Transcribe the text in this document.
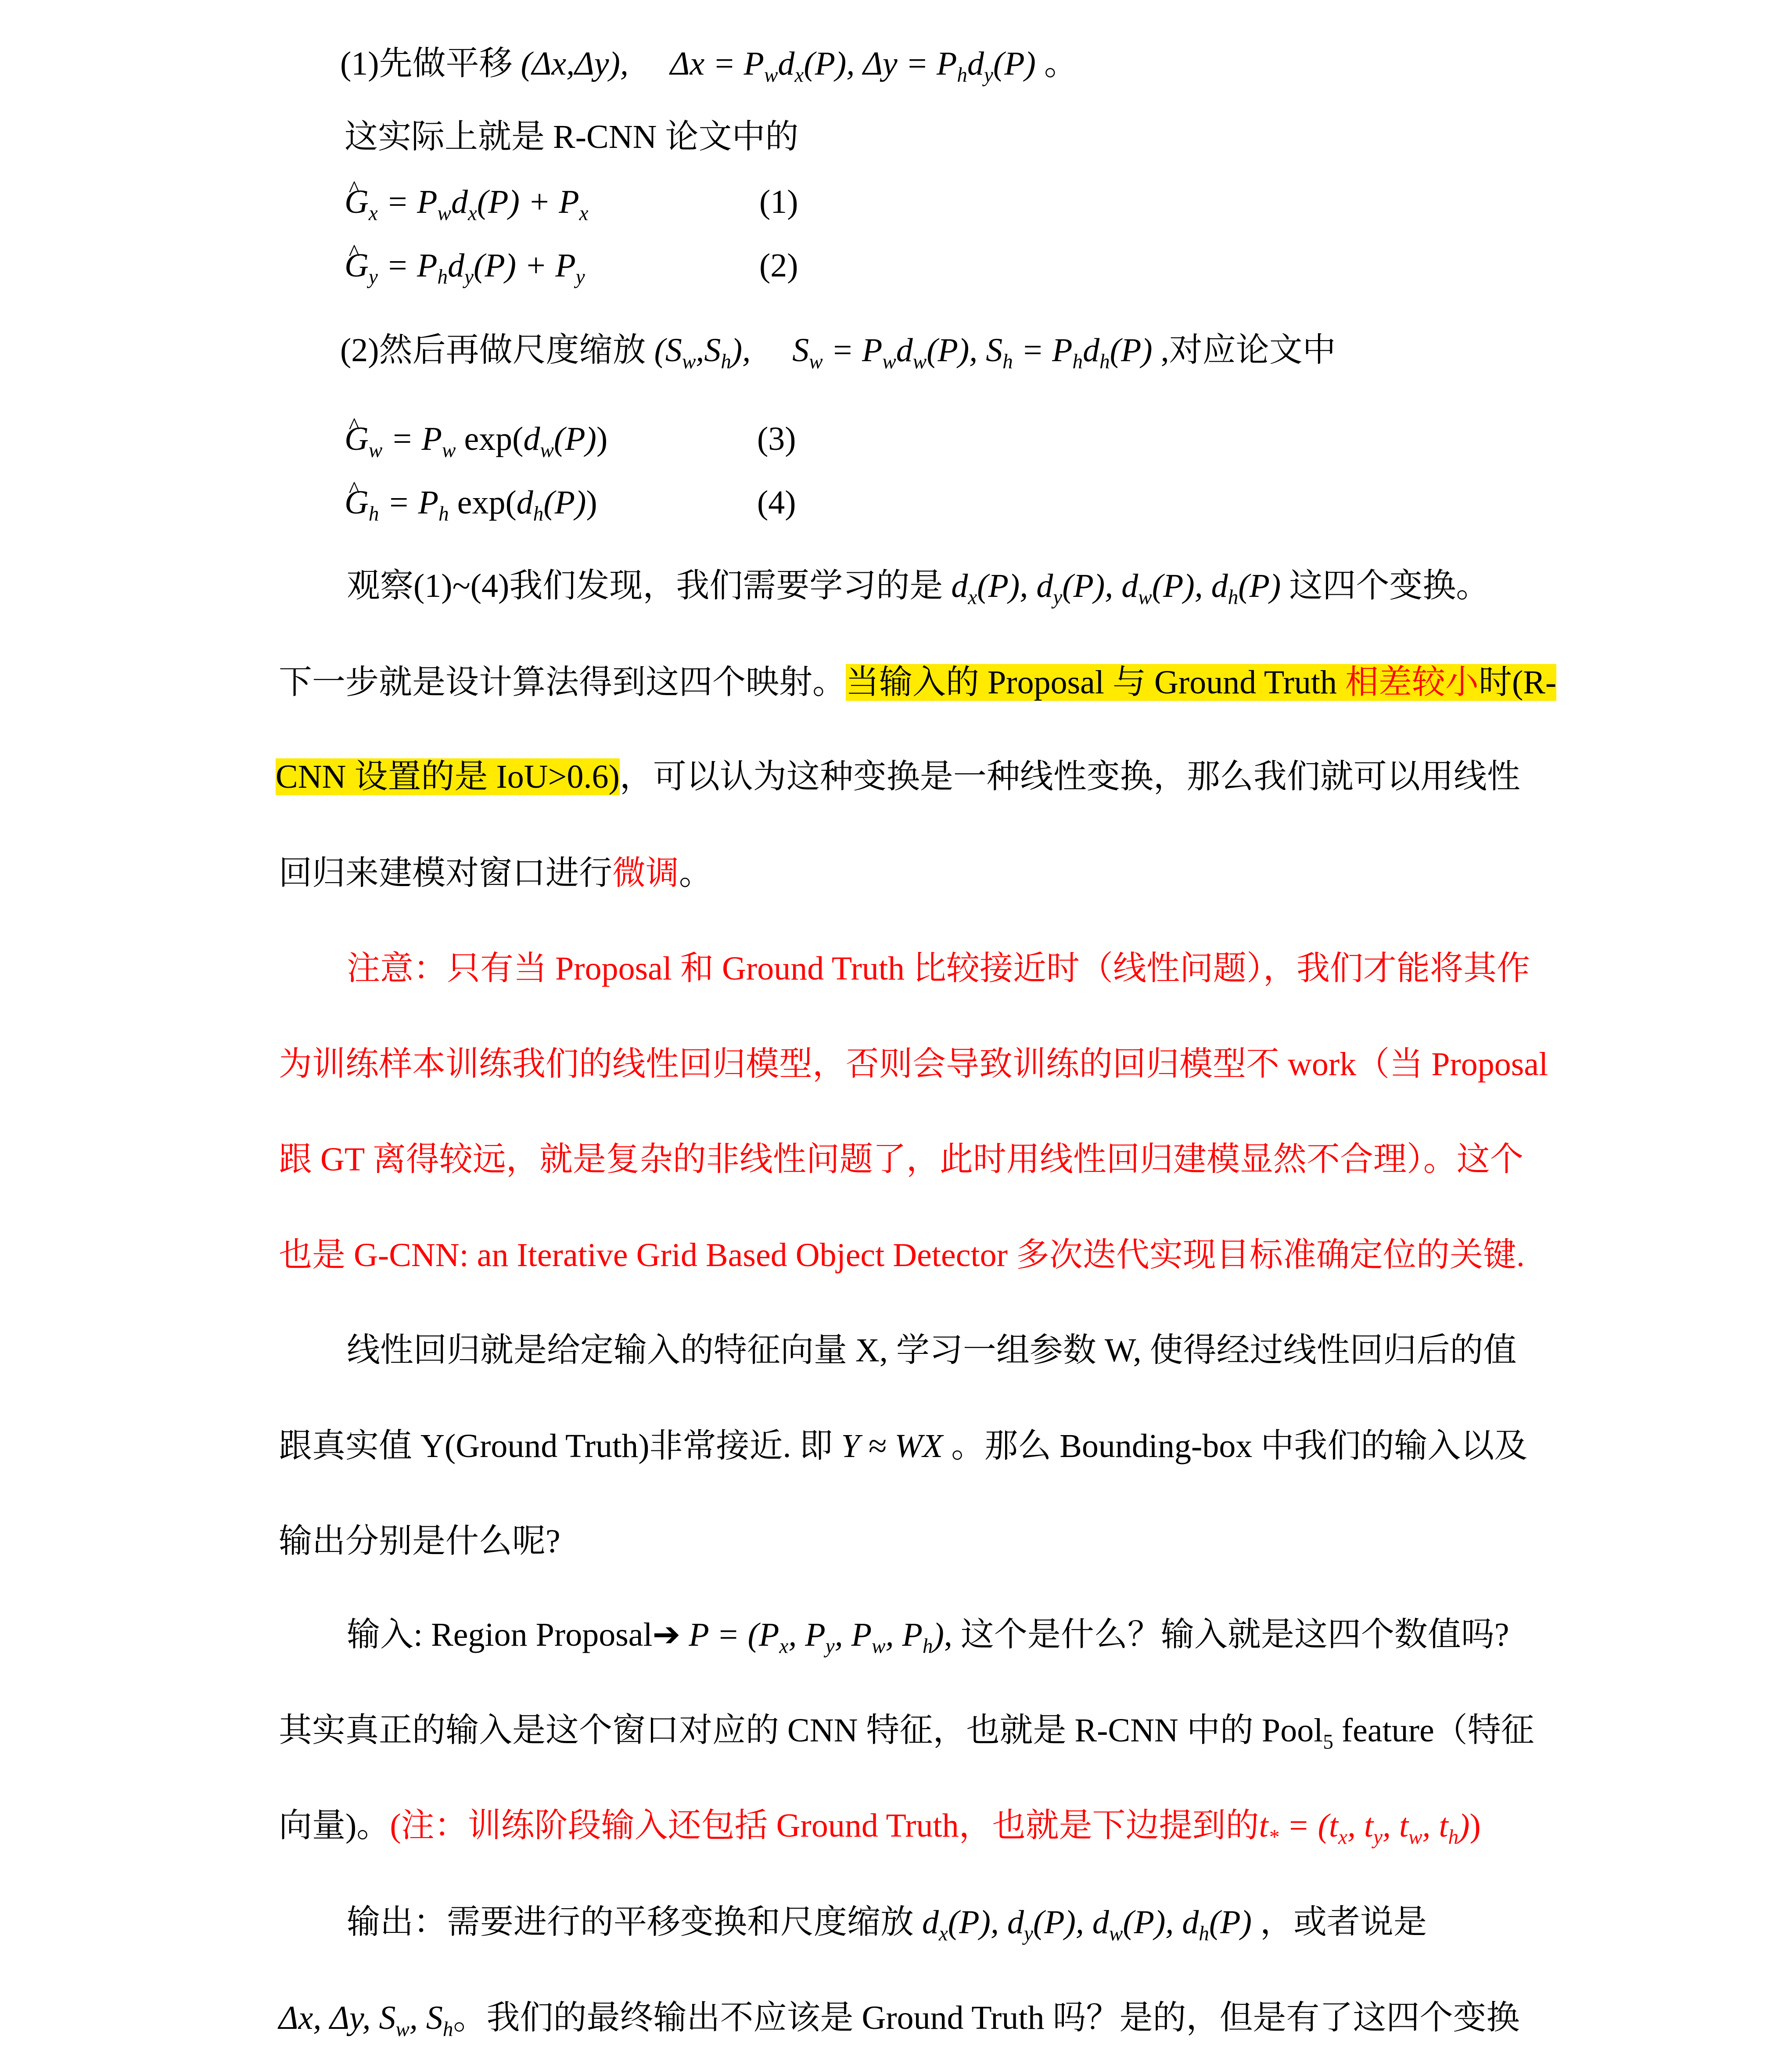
(1)先做平移 (Δx,Δy), $\Delta x = P_wd_x(P)$, $\Delta y = P_hd_y(P)$ 。
这实际上就是 R-CNN 论文中的
^ $G_x = P_wd_x(P) + P_x$	(1)
^ $G_y = P_hd_y(P) + P_y$	(2)
(2)然后再做尺度缩放 $(S_w,S_h)$, $S_w = P_wd_w(P)$, $S_h = P_hd_h(P)$ ,对应论文中
^ $G_w = P_w$ $\exp(d_w(P))$	(3)
^ $G_h = P_h$ $\exp(d_h(P))$	(4)
观察(1)~(4)我们发现，我们需要学习的是 $d_x(P)$, $d_y(P)$, $d_w(P)$, $d_h(P)$ 这四个变换。
下一步就是设计算法得到这四个映射。当输入的 Proposal 与 Ground Truth 相差较小时(R-
CNN 设置的是 IoU>0.6)，可以认为这种变换是一种线性变换，那么我们就可以用线性
回归来建模对窗口进行微调。
注意：只有当 Proposal 和 Ground Truth 比较接近时（线性问题），我们才能将其作
为训练样本训练我们的线性回归模型，否则会导致训练的回归模型不 work（当 Proposal
跟 GT 离得较远，就是复杂的非线性问题了，此时用线性回归建模显然不合理）。这个
也是 G-CNN: an Iterative Grid Based Object Detector 多次迭代实现目标准确定位的关键.
线性回归就是给定输入的特征向量 X, 学习一组参数 W, 使得经过线性回归后的值
跟真实值 Y(Ground Truth)非常接近. 即 Y ≈ WX 。那么 Bounding-box 中我们的输入以及
输出分别是什么呢?
输入: Region Proposal➔ $P = (P_x$, $P_y$, $P_w$, $P_h$), 这个是什么？输入就是这四个数值吗?
其实真正的输入是这个窗口对应的 CNN 特征，也就是 R-CNN 中的 Pool$_5$ feature（特征
向量)。(注：训练阶段输入还包括 Ground Truth，也就是下边提到的$t_* = (t_x$, $t_y$, $t_w$, $t_h$))
输出：需要进行的平移变换和尺度缩放 $d_x(P)$, $d_y(P)$, $d_w(P)$, $d_h(P)$ ，或者说是
Δx, Δy, $S_w$, $S_h$。我们的最终输出不应该是 Ground Truth 吗？是的，但是有了这四个变换
